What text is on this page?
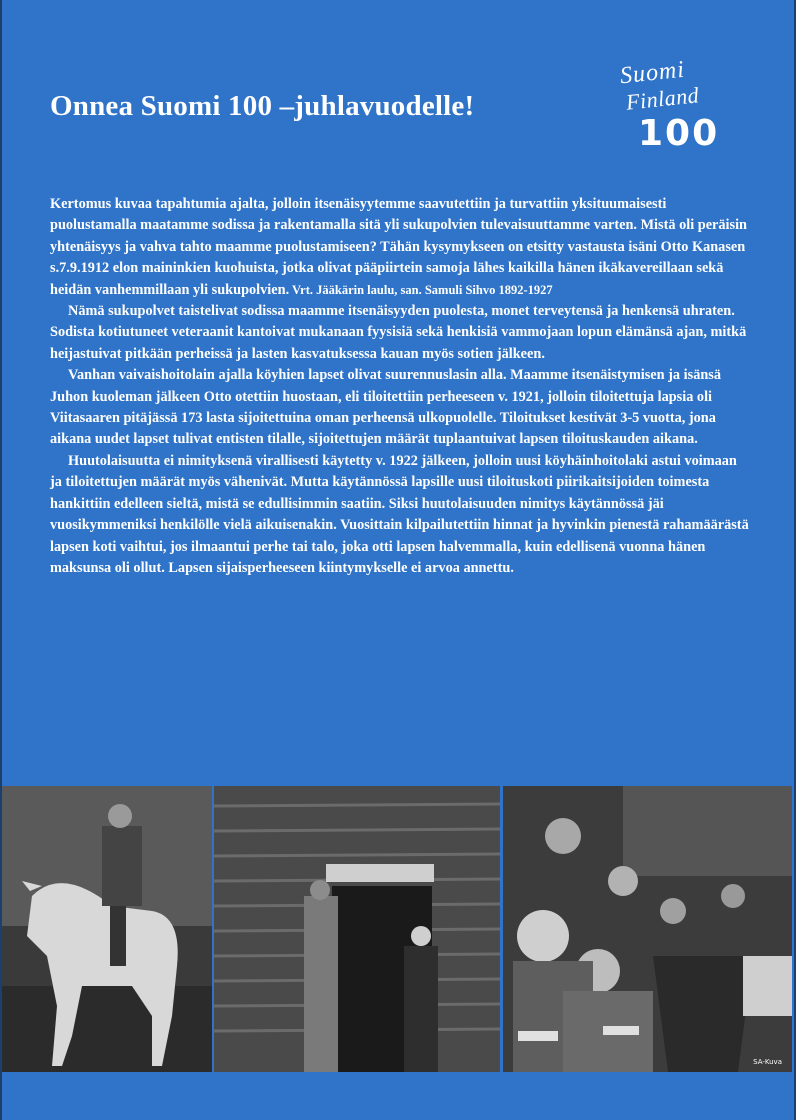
Onnea Suomi 100 –juhlavuodelle!
Suomi
Finland
100

Kertomus kuvaa tapahtumia ajalta, jolloin itsenäisyytemme saavutettiin ja turvattiin yksituumaisesti puolustamalla maatamme sodissa ja rakentamalla sitä yli sukupolvien tulevaisuuttamme varten. Mistä oli peräisin yhtenäisyys ja vahva tahto maamme puolustamiseen? Tähän kysymykseen on etsitty vastausta isäni Otto Kanasen s.7.9.1912 elon maininkien kuohuista, jotka olivat pääpiirtein samoja lähes kaikilla hänen ikäkavereillaan sekä heidän vanhemmillaan yli sukupolvien. Vrt. Jääkärin laulu, san. Samuli Sihvo 1892-1927

Nämä sukupolvet taistelivat sodissa maamme itsenäisyyden puolesta, monet terveytensä ja henkensä uhraten. Sodista kotiutuneet veteraanit kantoivat mukanaan fyysisiä sekä henkisiä vammojaan lopun elämänsä ajan, mitkä heijastuivat pitkään perheissä ja lasten kasvatuksessa kauan myös sotien jälkeen.

Vanhan vaivaishoitolain ajalla köyhien lapset olivat suurennuslasin alla. Maamme itsenäistymisen ja isänsä Juhon kuoleman jälkeen Otto otettiin huostaan, eli tiloitettiin perheeseen v. 1921, jolloin tiloitettuja lapsia oli Viitasaaren pitäjässä 173 lasta sijoitettuina oman perheensä ulkopuolelle. Tiloitukset kestivät 3-5 vuotta, jona aikana uudet lapset tulivat entisten tilalle, sijoitettujen määrät tuplaantuivat lapsen tiloituskauden aikana.

Huutolaisuutta ei nimityksenä virallisesti käytetty v. 1922 jälkeen, jolloin uusi köyhäinhoitolaki astui voimaan ja tiloitettujen määrät myös vähenivät. Mutta käytännössä lapsille uusi tiloituskoti piirikaitsijoiden toimesta hankittiin edelleen sieltä, mistä se edullisimmin saatiin. Siksi huutolaisuuden nimitys käytännössä jäi vuosikymmeniksi henkilölle vielä aikuisenakin. Vuosittain kilpailutettiin hinnat ja hyvinkin pienestä rahamäärästä lapsen koti vaihtui, jos ilmaantui perhe tai talo, joka otti lapsen halvemmalla, kuin edellisenä vuonna hänen maksunsa oli ollut. Lapsen sijaisperheeseen kiintymykselle ei arvoa annettu.

SA-Kuva
